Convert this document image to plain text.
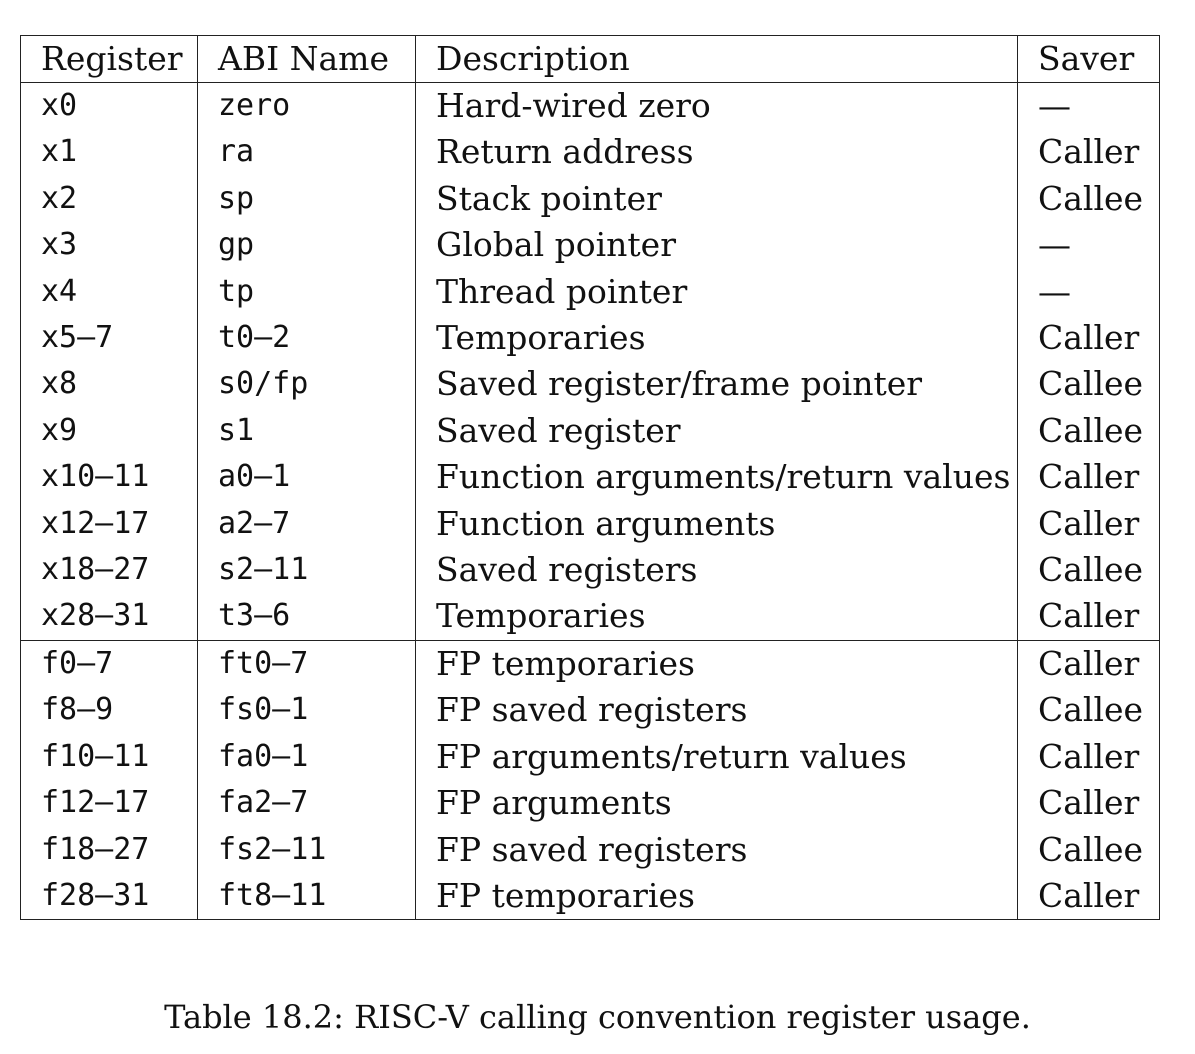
Register	ABI Name	Description	Saver
x0	zero	Hard-wired zero	—
x1	ra	Return address	Caller
x2	sp	Stack pointer	Callee
x3	gp	Global pointer	—
x4	tp	Thread pointer	—
x5–7	t0–2	Temporaries	Caller
x8	s0/fp	Saved register/frame pointer	Callee
x9	s1	Saved register	Callee
x10–11	a0–1	Function arguments/return values	Caller
x12–17	a2–7	Function arguments	Caller
x18–27	s2–11	Saved registers	Callee
x28–31	t3–6	Temporaries	Caller
f0–7	ft0–7	FP temporaries	Caller
f8–9	fs0–1	FP saved registers	Callee
f10–11	fa0–1	FP arguments/return values	Caller
f12–17	fa2–7	FP arguments	Caller
f18–27	fs2–11	FP saved registers	Callee
f28–31	ft8–11	FP temporaries	Caller
Table 18.2: RISC-V calling convention register usage.
